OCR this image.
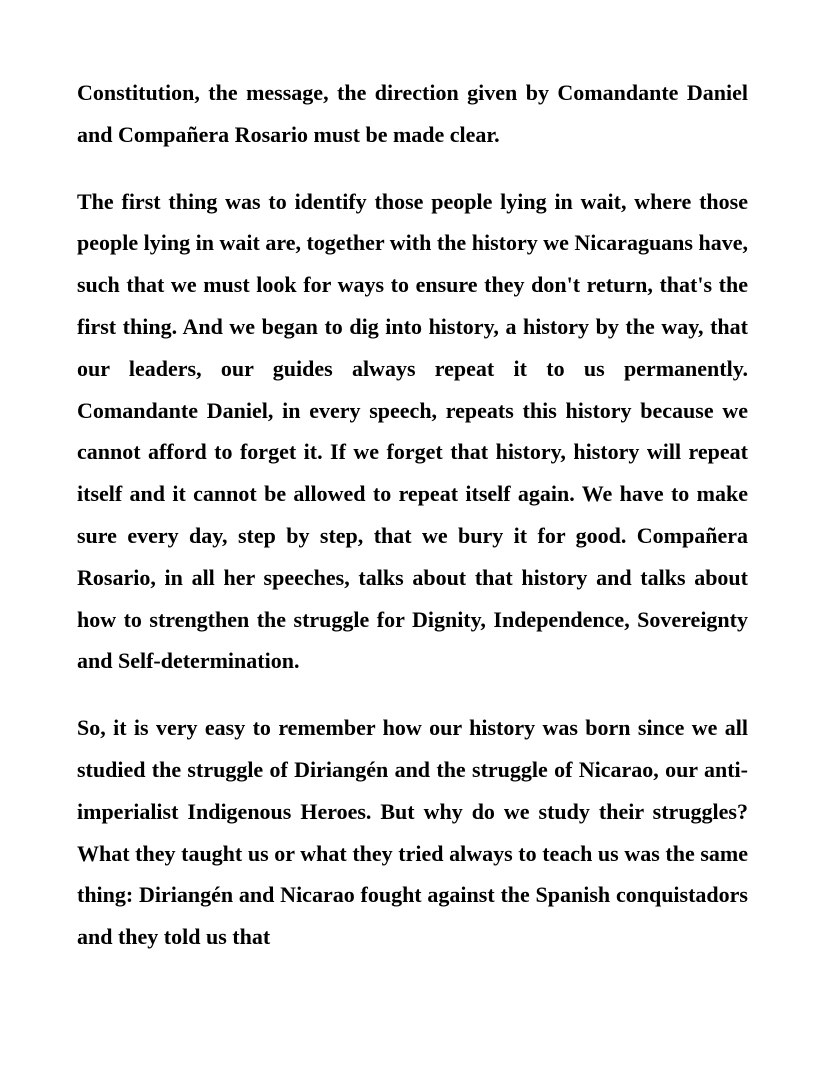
Constitution, the message, the direction given by Comandante Daniel and Compañera Rosario must be made clear.

The first thing was to identify those people lying in wait, where those people lying in wait are, together with the history we Nicaraguans have, such that we must look for ways to ensure they don't return, that's the first thing. And we began to dig into history, a history by the way, that our leaders, our guides always repeat it to us permanently. Comandante Daniel, in every speech, repeats this history because we cannot afford to forget it. If we forget that history, history will repeat itself and it cannot be allowed to repeat itself again. We have to make sure every day, step by step, that we bury it for good. Compañera Rosario, in all her speeches, talks about that history and talks about how to strengthen the struggle for Dignity, Independence, Sovereignty and Self-determination.

So, it is very easy to remember how our history was born since we all studied the struggle of Diriangén and the struggle of Nicarao, our anti-imperialist Indigenous Heroes. But why do we study their struggles? What they taught us or what they tried always to teach us was the same thing: Diriangén and Nicarao fought against the Spanish conquistadors and they told us that
